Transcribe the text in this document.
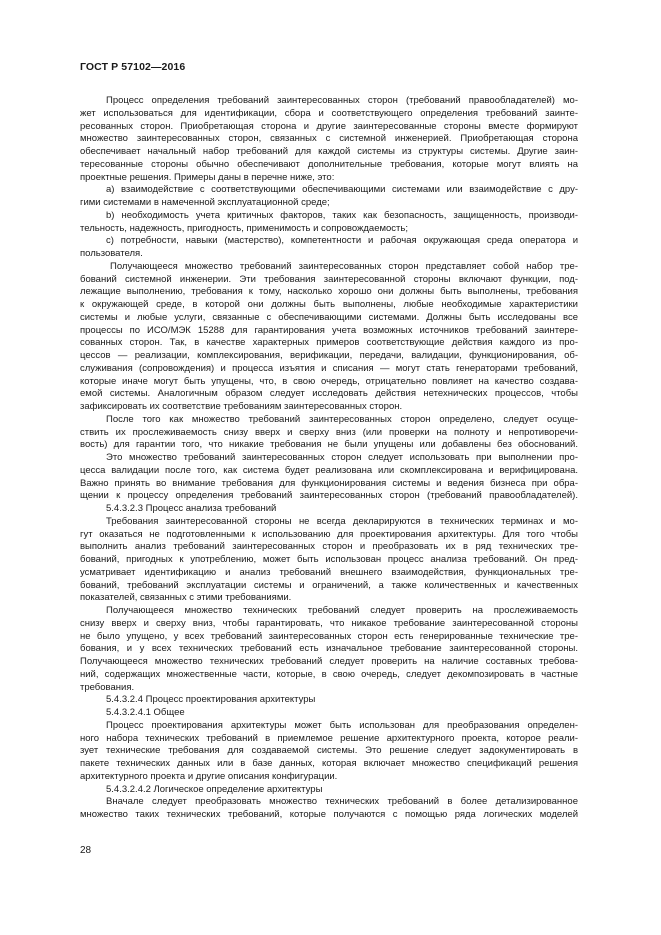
ГОСТ Р 57102—2016
Процесс определения требований заинтересованных сторон (требований правообладателей) мо-
жет использоваться для идентификации, сбора и соответствующего определения требований заинте-
ресованных сторон. Приобретающая сторона и другие заинтересованные стороны вместе формируют
множество заинтересованных сторон, связанных с системной инженерией. Приобретающая сторона
обеспечивает начальный набор требований для каждой системы из структуры системы. Другие заин-
тересованные стороны обычно обеспечивают дополнительные требования, которые могут влиять на
проектные решения. Примеры даны в перечне ниже, это:
a) взаимодействие с соответствующими обеспечивающими системами или взаимодействие с дру-
гими системами в намеченной эксплуатационной среде;
b) необходимость учета критичных факторов, таких как безопасность, защищенность, производи-
тельность, надежность, пригодность, применимость и сопровождаемость;
c) потребности, навыки (мастерство), компетентности и рабочая окружающая среда оператора и
пользователя.
Получающееся множество требований заинтересованных сторон представляет собой набор тре-
бований системной инженерии. Эти требования заинтересованной стороны включают функции, под-
лежащие выполнению, требования к тому, насколько хорошо они должны быть выполнены, требования
к окружающей среде, в которой они должны быть выполнены, любые необходимые характеристики
системы и любые услуги, связанные с обеспечивающими системами. Должны быть исследованы все
процессы по ИСО/МЭК 15288 для гарантирования учета возможных источников требований заинтере-
сованных сторон. Так, в качестве характерных примеров соответствующие действия каждого из про-
цессов — реализации, комплексирования, верификации, передачи, валидации, функционирования, об-
служивания (сопровождения) и процесса изъятия и списания — могут стать генераторами требований,
которые иначе могут быть упущены, что, в свою очередь, отрицательно повлияет на качество создава-
емой системы. Аналогичным образом следует исследовать действия нетехнических процессов, чтобы
зафиксировать их соответствие требованиям заинтересованных сторон.
После того как множество требований заинтересованных сторон определено, следует осуще-
ствить их прослеживаемость снизу вверх и сверху вниз (или проверки на полноту и непротиворечи-
вость) для гарантии того, что никакие требования не были упущены или добавлены без обоснований.
Это множество требований заинтересованных сторон следует использовать при выполнении про-
цесса валидации после того, как система будет реализована или скомплексирована и верифицирована.
Важно принять во внимание требования для функционирования системы и ведения бизнеса при обра-
щении к процессу определения требований заинтересованных сторон (требований правообладателей).
5.4.3.2.3 Процесс анализа требований
Требования заинтересованной стороны не всегда декларируются в технических терминах и мо-
гут оказаться не подготовленными к использованию для проектирования архитектуры. Для того чтобы
выполнить анализ требований заинтересованных сторон и преобразовать их в ряд технических тре-
бований, пригодных к употреблению, может быть использован процесс анализа требований. Он пред-
усматривает идентификацию и анализ требований внешнего взаимодействия, функциональных тре-
бований, требований эксплуатации системы и ограничений, а также количественных и качественных
показателей, связанных с этими требованиями.
Получающееся множество технических требований следует проверить на прослеживаемость
снизу вверх и сверху вниз, чтобы гарантировать, что никакое требование заинтересованной стороны
не было упущено, у всех требований заинтересованных сторон есть генерированные технические тре-
бования, и у всех технических требований есть изначальное требование заинтересованной стороны.
Получающееся множество технических требований следует проверить на наличие составных требова-
ний, содержащих множественные части, которые, в свою очередь, следует декомпозировать в частные
требования.
5.4.3.2.4 Процесс проектирования архитектуры
5.4.3.2.4.1 Общее
Процесс проектирования архитектуры может быть использован для преобразования определен-
ного набора технических требований в приемлемое решение архитектурного проекта, которое реали-
зует технические требования для создаваемой системы. Это решение следует задокументировать в
пакете технических данных или в базе данных, которая включает множество спецификаций решения
архитектурного проекта и другие описания конфигурации.
5.4.3.2.4.2 Логическое определение архитектуры
Вначале следует преобразовать множество технических требований в более детализированное
множество таких технических требований, которые получаются с помощью ряда логических моделей
28
